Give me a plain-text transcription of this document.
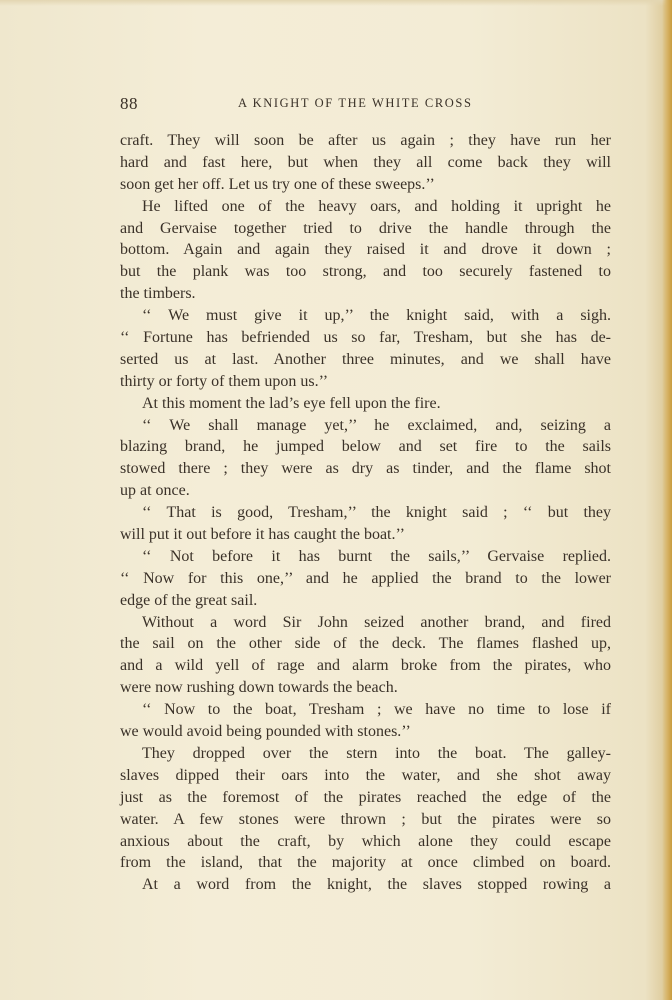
88	A KNIGHT OF THE WHITE CROSS
craft. They will soon be after us again ; they have run her
hard and fast here, but when they all come back they will
soon get her off. Let us try one of these sweeps.’’
He lifted one of the heavy oars, and holding it upright he
and Gervaise together tried to drive the handle through the
bottom. Again and again they raised it and drove it down ;
but the plank was too strong, and too securely fastened to
the timbers.
‘‘ We must give it up,’’ the knight said, with a sigh.
‘‘ Fortune has befriended us so far, Tresham, but she has de-
serted us at last. Another three minutes, and we shall have
thirty or forty of them upon us.’’
At this moment the lad’s eye fell upon the fire.
‘‘ We shall manage yet,’’ he exclaimed, and, seizing a
blazing brand, he jumped below and set fire to the sails
stowed there ; they were as dry as tinder, and the flame shot
up at once.
‘‘ That is good, Tresham,’’ the knight said ; ‘‘ but they
will put it out before it has caught the boat.’’
‘‘ Not before it has burnt the sails,’’ Gervaise replied.
‘‘ Now for this one,’’ and he applied the brand to the lower
edge of the great sail.
Without a word Sir John seized another brand, and fired
the sail on the other side of the deck. The flames flashed up,
and a wild yell of rage and alarm broke from the pirates, who
were now rushing down towards the beach.
‘‘ Now to the boat, Tresham ; we have no time to lose if
we would avoid being pounded with stones.’’
They dropped over the stern into the boat. The galley-
slaves dipped their oars into the water, and she shot away
just as the foremost of the pirates reached the edge of the
water. A few stones were thrown ; but the pirates were so
anxious about the craft, by which alone they could escape
from the island, that the majority at once climbed on board.
At a word from the knight, the slaves stopped rowing a
